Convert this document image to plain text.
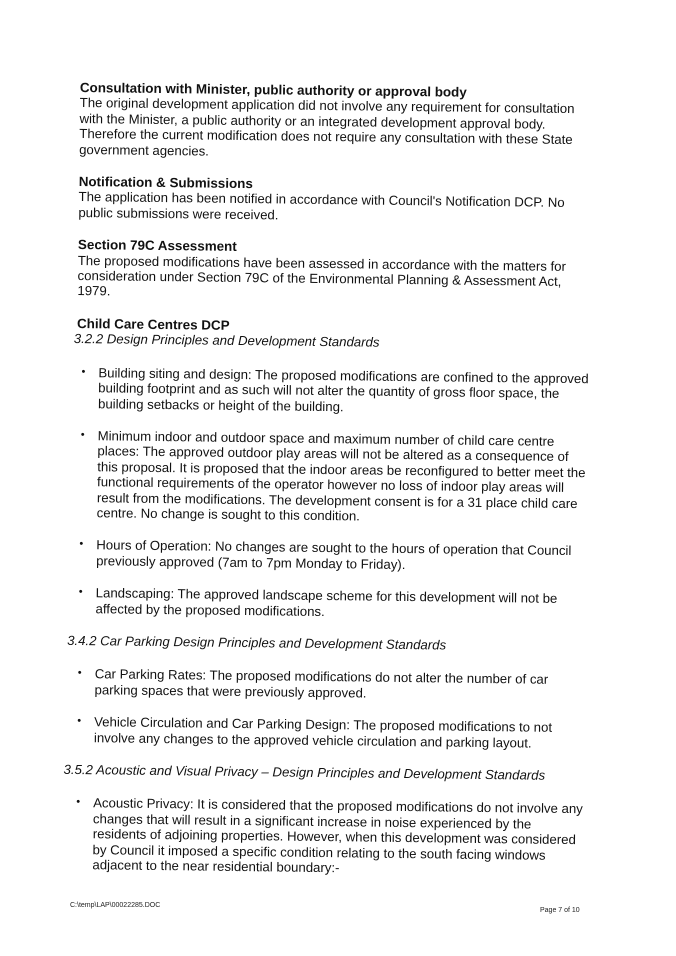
Consultation with Minister, public authority or approval body

The original development application did not involve any requirement for consultation with the Minister, a public authority or an integrated development approval body. Therefore the current modification does not require any consultation with these State government agencies.

Notification & Submissions

The application has been notified in accordance with Council's Notification DCP. No public submissions were received.

Section 79C Assessment

The proposed modifications have been assessed in accordance with the matters for consideration under Section 79C of the Environmental Planning & Assessment Act, 1979.

Child Care Centres DCP

3.2.2 Design Principles and Development Standards

• Building siting and design: The proposed modifications are confined to the approved building footprint and as such will not alter the quantity of gross floor space, the building setbacks or height of the building.
• Minimum indoor and outdoor space and maximum number of child care centre places: The approved outdoor play areas will not be altered as a consequence of this proposal. It is proposed that the indoor areas be reconfigured to better meet the functional requirements of the operator however no loss of indoor play areas will result from the modifications. The development consent is for a 31 place child care centre. No change is sought to this condition.
• Hours of Operation: No changes are sought to the hours of operation that Council previously approved (7am to 7pm Monday to Friday).
• Landscaping: The approved landscape scheme for this development will not be affected by the proposed modifications.

3.4.2 Car Parking Design Principles and Development Standards

• Car Parking Rates: The proposed modifications do not alter the number of car parking spaces that were previously approved.
• Vehicle Circulation and Car Parking Design: The proposed modifications to not involve any changes to the approved vehicle circulation and parking layout.

3.5.2 Acoustic and Visual Privacy – Design Principles and Development Standards

• Acoustic Privacy: It is considered that the proposed modifications do not involve any changes that will result in a significant increase in noise experienced by the residents of adjoining properties. However, when this development was considered by Council it imposed a specific condition relating to the south facing windows adjacent to the near residential boundary:-
C:\temp\LAP\00022285.DOC
Page 7 of 10
